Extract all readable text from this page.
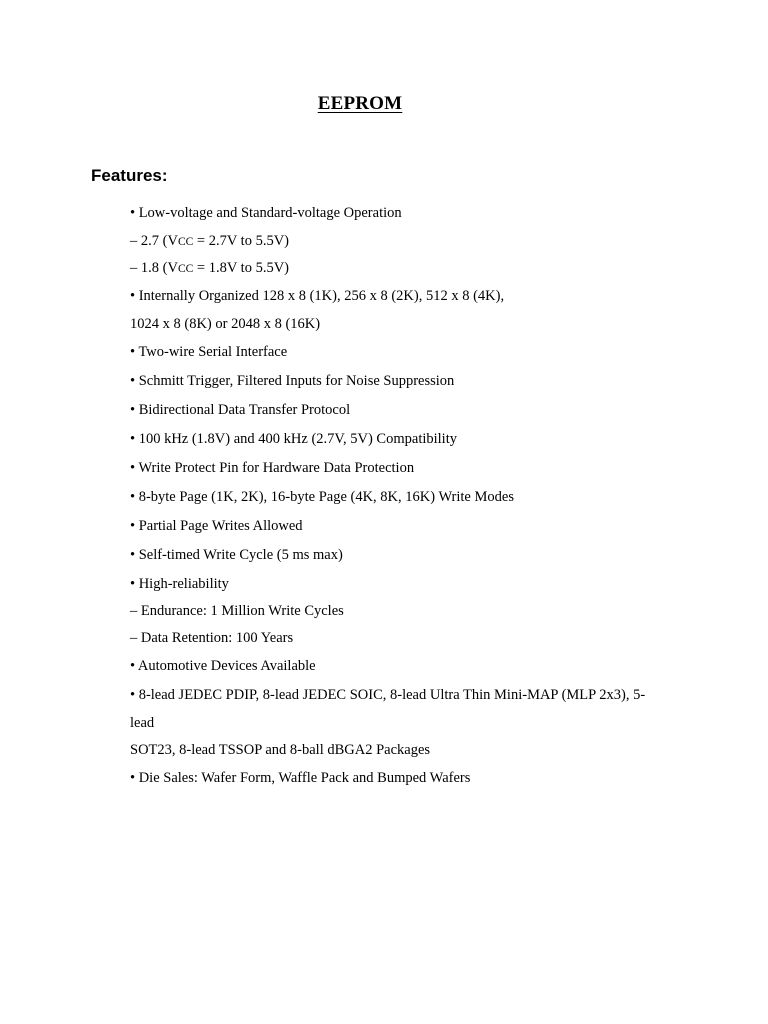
EEPROM
Features:
• Low-voltage and Standard-voltage Operation
– 2.7 (VCC = 2.7V to 5.5V)
– 1.8 (VCC = 1.8V to 5.5V)
• Internally Organized 128 x 8 (1K), 256 x 8 (2K), 512 x 8 (4K),
1024 x 8 (8K) or 2048 x 8 (16K)
• Two-wire Serial Interface
• Schmitt Trigger, Filtered Inputs for Noise Suppression
• Bidirectional Data Transfer Protocol
• 100 kHz (1.8V) and 400 kHz (2.7V, 5V) Compatibility
• Write Protect Pin for Hardware Data Protection
• 8-byte Page (1K, 2K), 16-byte Page (4K, 8K, 16K) Write Modes
• Partial Page Writes Allowed
• Self-timed Write Cycle (5 ms max)
• High-reliability
– Endurance: 1 Million Write Cycles
– Data Retention: 100 Years
• Automotive Devices Available
• 8-lead JEDEC PDIP, 8-lead JEDEC SOIC, 8-lead Ultra Thin Mini-MAP (MLP 2x3), 5-
lead
SOT23, 8-lead TSSOP and 8-ball dBGA2 Packages
• Die Sales: Wafer Form, Waffle Pack and Bumped Wafers
